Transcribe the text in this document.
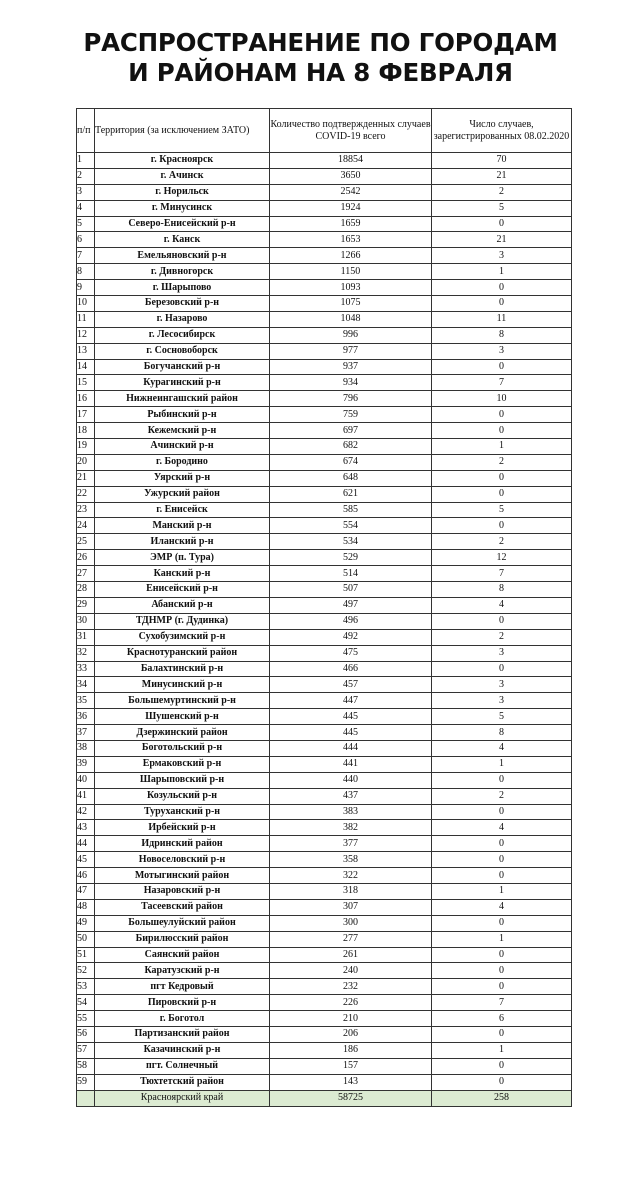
РАСПРОСТРАНЕНИЕ ПО ГОРОДАМ
И РАЙОНАМ НА 8 ФЕВРАЛЯ
п/п	Территория (за исключением ЗАТО)	Количество подтвержденных случаев COVID-19 всего	Число случаев, зарегистрированных 08.02.2020
1	г. Красноярск	18854	70
2	г. Ачинск	3650	21
3	г. Норильск	2542	2
4	г. Минусинск	1924	5
5	Северо-Енисейский р-н	1659	0
6	г. Канск	1653	21
7	Емельяновский р-н	1266	3
8	г. Дивногорск	1150	1
9	г. Шарыпово	1093	0
10	Березовский р-н	1075	0
11	г. Назарово	1048	11
12	г. Лесосибирск	996	8
13	г. Сосновоборск	977	3
14	Богучанский р-н	937	0
15	Курагинский р-н	934	7
16	Нижнеингашский район	796	10
17	Рыбинский р-н	759	0
18	Кежемский р-н	697	0
19	Ачинский р-н	682	1
20	г. Бородино	674	2
21	Уярский р-н	648	0
22	Ужурский район	621	0
23	г. Енисейск	585	5
24	Манский р-н	554	0
25	Иланский р-н	534	2
26	ЭМР (п. Тура)	529	12
27	Канский р-н	514	7
28	Енисейский р-н	507	8
29	Абанский р-н	497	4
30	ТДНМР (г. Дудинка)	496	0
31	Сухобузимский р-н	492	2
32	Краснотуранский район	475	3
33	Балахтинский р-н	466	0
34	Минусинский р-н	457	3
35	Большемуртинский р-н	447	3
36	Шушенский р-н	445	5
37	Дзержинский район	445	8
38	Боготольский р-н	444	4
39	Ермаковский р-н	441	1
40	Шарыповский р-н	440	0
41	Козульский р-н	437	2
42	Туруханский р-н	383	0
43	Ирбейский р-н	382	4
44	Идринский район	377	0
45	Новоселовский р-н	358	0
46	Мотыгинский район	322	0
47	Назаровский р-н	318	1
48	Тасеевский район	307	4
49	Большеулуйский район	300	0
50	Бирилюсский район	277	1
51	Саянский район	261	0
52	Каратузский р-н	240	0
53	пгт Кедровый	232	0
54	Пировский р-н	226	7
55	г. Боготол	210	6
56	Партизанский район	206	0
57	Казачинский р-н	186	1
58	пгт. Солнечный	157	0
59	Тюхтетский район	143	0
	Красноярский край	58725	258
